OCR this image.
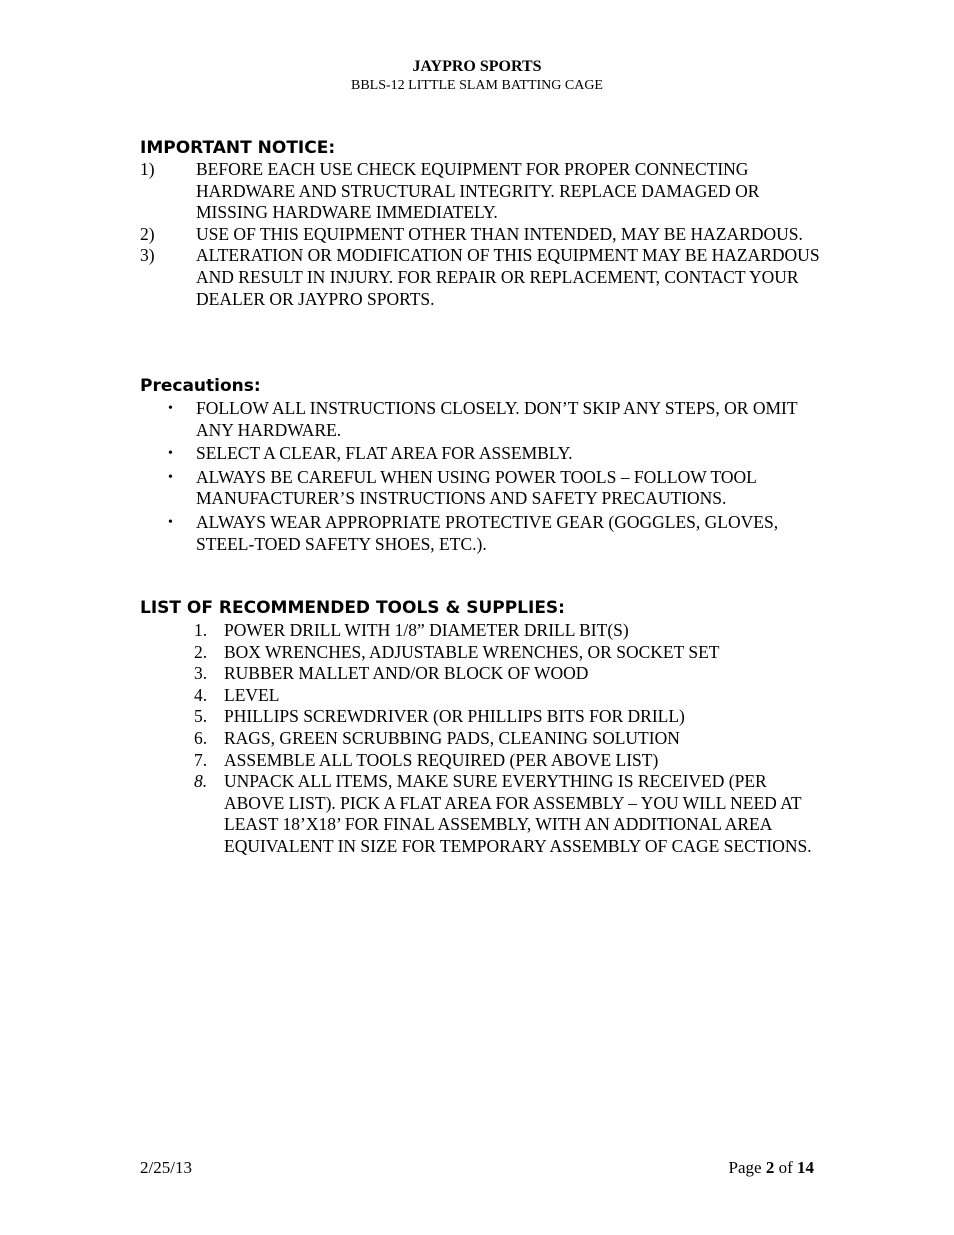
JAYPRO SPORTS
BBLS-12 LITTLE SLAM BATTING CAGE
IMPORTANT NOTICE:
1)	BEFORE EACH USE CHECK EQUIPMENT FOR PROPER CONNECTING HARDWARE AND STRUCTURAL INTEGRITY. REPLACE DAMAGED OR MISSING HARDWARE IMMEDIATELY.
2)	USE OF THIS EQUIPMENT OTHER THAN INTENDED, MAY BE HAZARDOUS.
3)	ALTERATION OR MODIFICATION OF THIS EQUIPMENT MAY BE HAZARDOUS AND RESULT IN INJURY. FOR REPAIR OR REPLACEMENT, CONTACT YOUR DEALER OR JAYPRO SPORTS.
Precautions:
•	FOLLOW ALL INSTRUCTIONS CLOSELY. DON’T SKIP ANY STEPS, OR OMIT ANY HARDWARE.
•	SELECT A CLEAR, FLAT AREA FOR ASSEMBLY.
•	ALWAYS BE CAREFUL WHEN USING POWER TOOLS – FOLLOW TOOL MANUFACTURER’S INSTRUCTIONS AND SAFETY PRECAUTIONS.
•	ALWAYS WEAR APPROPRIATE PROTECTIVE GEAR (GOGGLES, GLOVES, STEEL-TOED SAFETY SHOES, ETC.).
LIST OF RECOMMENDED TOOLS & SUPPLIES:
1. POWER DRILL WITH 1/8” DIAMETER DRILL BIT(S)
2. BOX WRENCHES, ADJUSTABLE WRENCHES, OR SOCKET SET
3. RUBBER MALLET AND/OR BLOCK OF WOOD
4. LEVEL
5. PHILLIPS SCREWDRIVER (OR PHILLIPS BITS FOR DRILL)
6. RAGS, GREEN SCRUBBING PADS, CLEANING SOLUTION
7. ASSEMBLE ALL TOOLS REQUIRED (PER ABOVE LIST)
8. UNPACK ALL ITEMS, MAKE SURE EVERYTHING IS RECEIVED (PER ABOVE LIST). PICK A FLAT AREA FOR ASSEMBLY – YOU WILL NEED AT LEAST 18’X18’ FOR FINAL ASSEMBLY, WITH AN ADDITIONAL AREA EQUIVALENT IN SIZE FOR TEMPORARY ASSEMBLY OF CAGE SECTIONS.
2/25/13	Page 2 of 14
